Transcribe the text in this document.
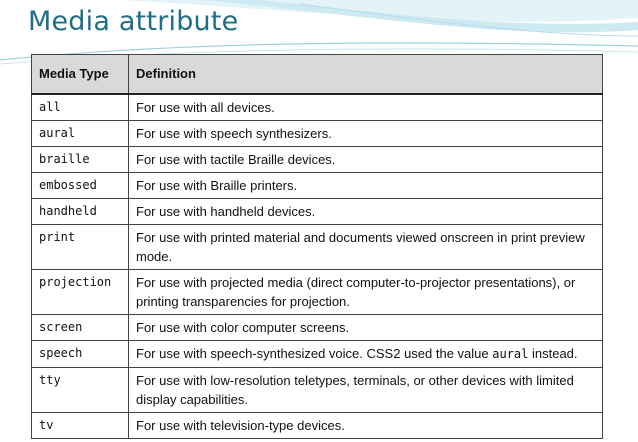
Media attribute
Media Type	Definition
all	For use with all devices.
aural	For use with speech synthesizers.
braille	For use with tactile Braille devices.
embossed	For use with Braille printers.
handheld	For use with handheld devices.
print	For use with printed material and documents viewed onscreen in print preview mode.
projection	For use with projected media (direct computer-to-projector presentations), or printing transparencies for projection.
screen	For use with color computer screens.
speech	For use with speech-synthesized voice. CSS2 used the value aural instead.
tty	For use with low-resolution teletypes, terminals, or other devices with limited display capabilities.
tv	For use with television-type devices.
